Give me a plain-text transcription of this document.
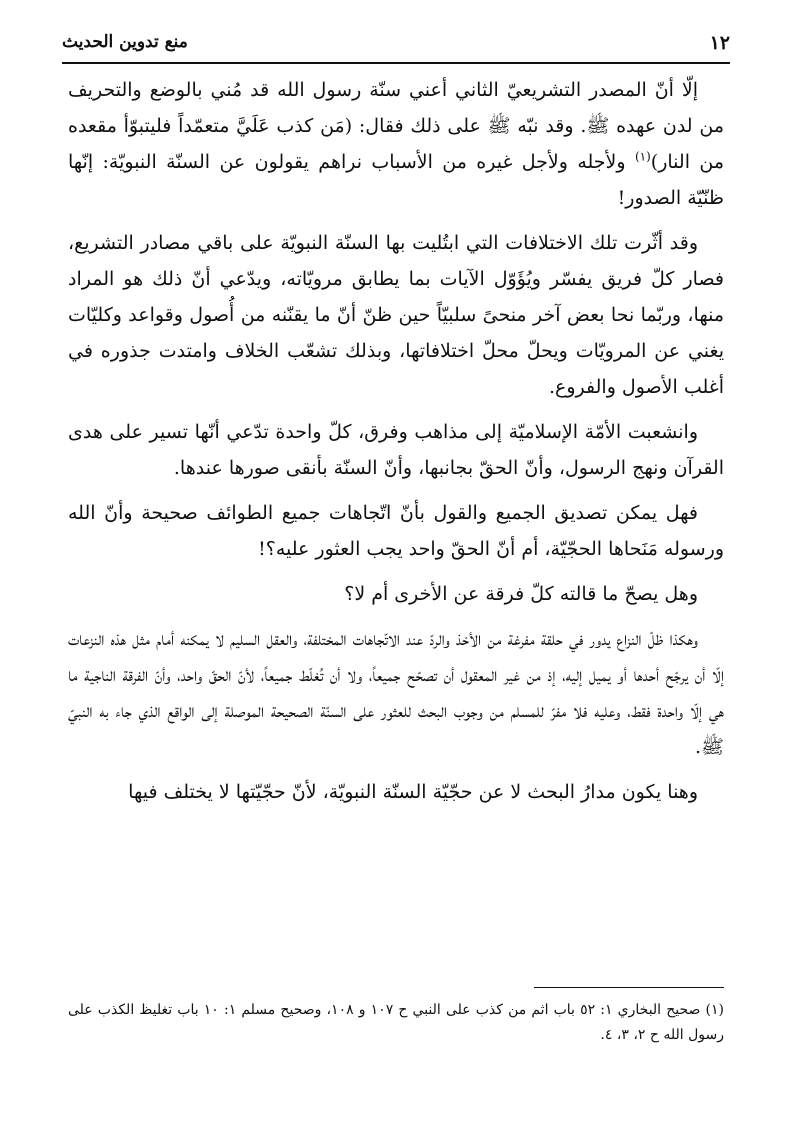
١٢
منع تدوين الحديث

إلّا أنّ المصدر التشريعيّ الثاني أعني سنّة رسول الله قد مُني بالوضع والتحريف من لدن عهده ﷺ. وقد نبّه ﷺ على ذلك فقال: (مَن كذب عَلَيَّ متعمّداً فليتبوّأ مقعده من النار)$^{(١)}$ ولأجله ولأجل غيره من الأسباب نراهم يقولون عن السنّة النبويّة: إنّها ظنّيّة الصدور!

وقد أثّرت تلك الاختلافات التي ابتُليت بها السنّة النبويّة على باقي مصادر التشريع، فصار كلّ فريق يفسّر ويُؤَوّل الآيات بما يطابق مرويّاته، ويدّعي أنّ ذلك هو المراد منها، وربّما نحا بعض آخر منحىً سلبيّاً حين ظنّ أنّ ما يقنّنه من أُصول وقواعد وكليّات يغني عن المرويّات ويحلّ محلّ اختلافاتها، وبذلك تشعّب الخلاف وامتدت جذوره في أغلب الأصول والفروع.

وانشعبت الأمّة الإسلاميّة إلى مذاهب وفرق، كلّ واحدة تدّعي أنّها تسير على هدى القرآن ونهج الرسول، وأنّ الحقّ بجانبها، وأنّ السنّة بأنقى صورها عندها.

فهل يمكن تصديق الجميع والقول بأنّ اتّجاهات جميع الطوائف صحيحة وأنّ الله ورسوله مَنَحاها الحجّيّة، أم أنّ الحقّ واحد يجب العثور عليه؟!

وهل يصحّ ما قالته كلّ فرقة عن الأخرى أم لا؟

وهكذا ظلّ النزاع يدور في حلقة مفرغة من الأخذ والردّ عند الاتّجاهات المختلفة، والعقل السليم لا يمكنه أمام مثل هذه النزعات إلّا أن يرجّح أحدها أو يميل إليه، إذ من غير المعقول أن تصحّح جميعاً، ولا أن تُغلّط جميعاً، لأنّ الحقّ واحد، وأنّ الفرقة الناجية ما هي إلّا واحدة فقط، وعليه فلا مفرّ للمسلم من وجوب البحث للعثور على السنّة الصحيحة الموصلة إلى الواقع الذي جاء به النبيّ ﷺ.

وهنا يكون مدارُ البحث لا عن حجّيّة السنّة النبويّة، لأنّ حجّيّتها لا يختلف فيها

(١) صحيح البخاري ١: ٥٢ باب اثم من كذب على النبي ح ١٠٧ و ١٠٨، وصحيح مسلم ١: ١٠ باب تغليظ الكذب على رسول الله ح ٢، ٣، ٤.
